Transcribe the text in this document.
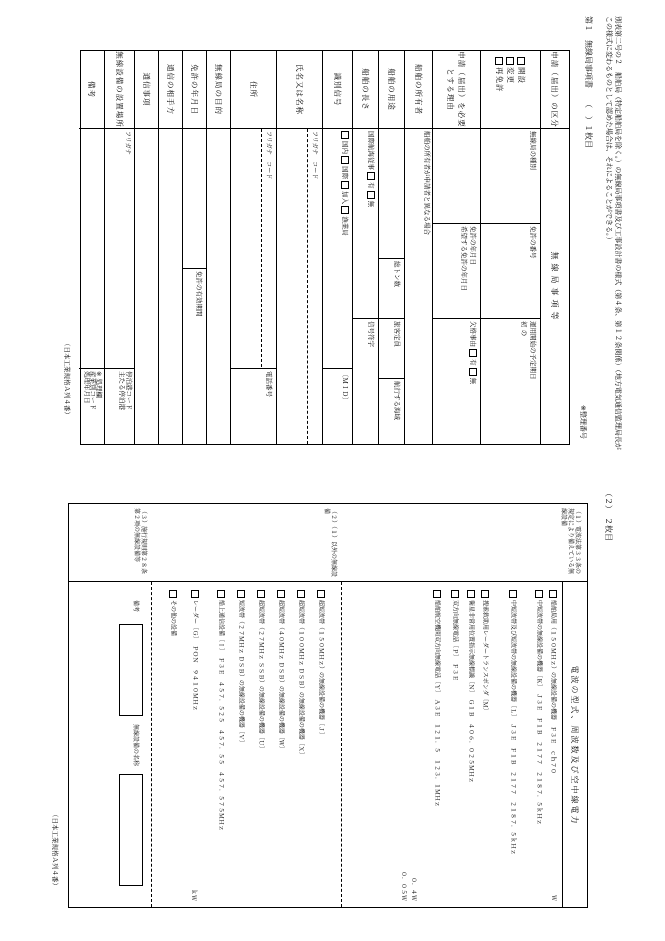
別表第二号の２　船舶局（特定船舶局を除く。）の無線局事項書及び工事設計書の様式（第４条、第１２条関係）（地方電気通信監理局長がこの様式に変わるものとして認めた場合は、それによることができる。）
第１　無線局事項書
（　）１枚目
申請（届出）の区分
無線局事項等
開設
変更
再免許
無線局の種別
免許の番号
運用開始の予定期日
初 の
申請（届出）を必要とする理由
免許の年月日
希望する免許の年月日
欠格事由 有 無
船舶の所有者
船舶の所有者が申請者と異なる場合
船舶の用途
総トン数
旅客定員
航行する海域
船舶の長さ
国際航海従事 有 無
信号符字
識別信号
国内 国際 加入 漁業局
〔ＭＩＤ〕
氏名又は名称
フリガナ　コード
住所
フリガナ　コード
電話番号
無線局の目的
免許の年月日
免許の有効期間
通信の相手方
通信事項
無線設備の設置場所
フリガナ
停泊港コード
主たる停泊港
備考
※ 処理欄
産業別コード
処理年月日
※整理番号
（日本工業規格Ａ列４番）
（２）　２枚目
（１）電波法第３３条の規定により備えている無線設備
（２）（１）以外の無線設備
（３）施行規則第２８条第２項の無線設備等
電波の型式、周波数及び空中線電力
船舶局用（１５０ＭＨｚ）の無線設備の機器　Ｆ３Ｅ　ｃｈ７０
中短波帯の無線設備の機器〔Ｋ〕　Ｊ３Ｅ　Ｆ１Ｂ　２１７７　２１８７．５ｋＨｚ
中短波帯及び短波帯の無線設備の機器〔Ｌ〕　Ｊ３Ｅ　Ｆ１Ｂ　２１７７　２１８７．５ｋＨｚ
捜索救助用レーダートランスポンダ〔Ｍ〕
衛星非常用位置指示無線標識〔Ｎ〕　Ｇ１Ｂ　４０６．０２５ＭＨｚ
双方向無線電話〔Ｐ〕　Ｆ３Ｅ
船舶航空機間双方向無線電話〔Ｙ〕　Ａ３Ｅ　１２１．５　１２３．１ＭＨｚ
超短波帯（１５０ＭＨｚ）の無線設備の機器〔Ｊ〕
超短波帯（１００ＭＨｚ ＤＳＢ）の無線設備の機器〔Ｘ〕
超短波帯（４０ＭＨｚ ＤＳＢ）の無線設備の機器〔Ｗ〕
超短波帯（２７ＭＨｚ ＳＳＢ）の無線設備の機器〔Ｕ〕
短波帯（２７ＭＨｚ ＤＳＢ）の無線設備の機器〔Ｖ〕
船上通信設備〔Ｉ〕　Ｆ３Ｅ　４５７．５２５　４５７．５５　４５７．５７５ＭＨｚ
レーダー〔Ｇ〕　ＰＯＮ　９４１０ＭＨｚ
その他の設備
備考
無線設備の名称
Ｗ
０．４Ｗ
０．０５Ｗ
ｋＷ
（日本工業規格Ａ列４番）
